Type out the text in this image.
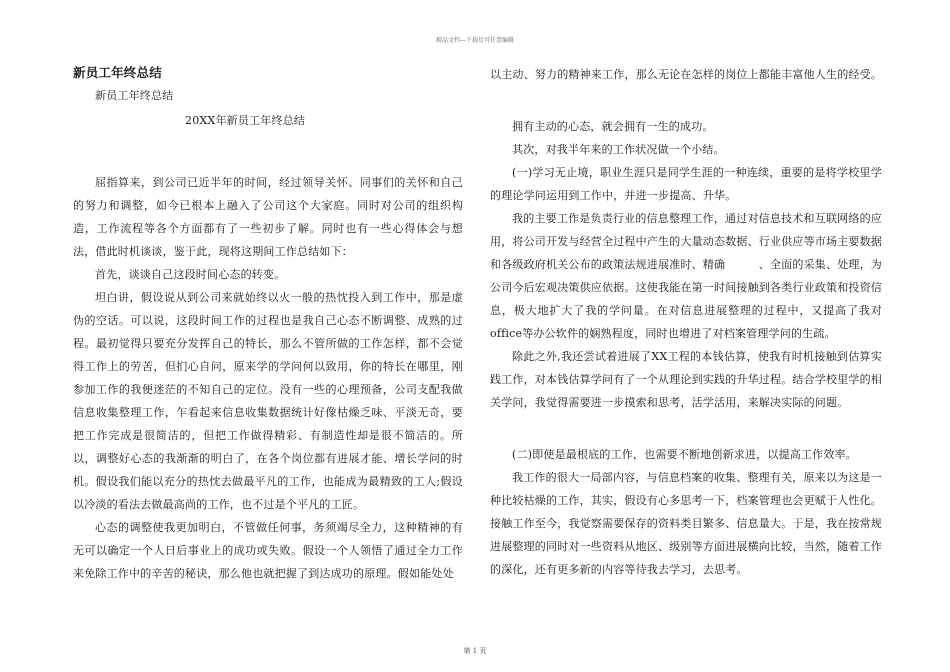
精品文档---下载后可任意编辑

新员工年终总结

新员工年终总结

20XX年新员工年终总结

屈指算来，到公司已近半年的时间，经过领导关怀、同事们的关怀和自己的努力和调整，如今已根本上融入了公司这个大家庭。同时对公司的组织构造，工作流程等各个方面都有了一些初步了解。同时也有一些心得体会与想法，借此时机谈谈，鉴于此，现将这期间工作总结如下：

首先，谈谈自己这段时间心态的转变。

坦白讲，假设说从到公司来就始终以火一般的热忱投入到工作中，那是虚伪的空话。可以说，这段时间工作的过程也是我自己心态不断调整、成熟的过程。最初觉得只要充分发挥自己的特长，那么不管所做的工作怎样，都不会觉得工作上的劳苦，但扪心自问，原来学的学问何以致用，你的特长在哪里，刚参加工作的我便迷茫的不知自己的定位。没有一些的心理预备，公司支配我做信息收集整理工作，乍看起来信息收集数据统计好像枯燥乏味、平淡无奇，要把工作完成是很简洁的，但把工作做得精彩、有制造性却是很不简洁的。所以，调整好心态的我渐渐的明白了，在各个岗位都有进展才能、增长学问的时机。假设我们能以充分的热忱去做最平凡的工作，也能成为最精致的工人;假设以冷淡的看法去做最高尚的工作，也不过是个平凡的工匠。

心态的调整使我更加明白，不管做任何事，务须竭尽全力，这种精神的有无可以确定一个人日后事业上的成功或失败。假设一个人领悟了通过全力工作来免除工作中的辛苦的秘诀，那么他也就把握了到达成功的原理。假如能处处

以主动、努力的精神来工作，那么无论在怎样的岗位上都能丰富他人生的经受。

拥有主动的心态，就会拥有一生的成功。

其次，对我半年来的工作状况做一个小结。

(一)学习无止境，职业生涯只是同学生涯的一种连续，重要的是将学校里学的理论学问运用到工作中，并进一步提高、升华。

我的主要工作是负责行业的信息整理工作，通过对信息技术和互联网络的应用，将公司开发与经营全过程中产生的大量动态数据、行业供应等市场主要数据和各级政府机关公布的政策法规进展准时、精确　　　、全面的采集、处理，为公司今后宏观决策供应依据。这使我能在第一时间接触到各类行业政策和投资信息，极大地扩大了我的学问量。在对信息进展整理的过程中，又提高了我对office等办公软件的娴熟程度，同时也增进了对档案管理学问的生疏。

除此之外,我还尝试着进展了XX工程的本钱估算，使我有时机接触到估算实践工作，对本钱估算学问有了一个从理论到实践的升华过程。结合学校里学的相关学问，我觉得需要进一步摸索和思考，活学活用，来解决实际的问题。

(二)即使是最根底的工作，也需要不断地创新求进，以提高工作效率。

我工作的很大一局部内容，与信息档案的收集、整理有关，原来以为这是一种比较枯燥的工作，其实，假设有心多思考一下，档案管理也会更赋于人性化。接触工作至今，我觉察需要保存的资料类目繁多、信息量大。于是，我在按常规进展整理的同时对一些资料从地区、级别等方面进展横向比较，当然，随着工作的深化，还有更多新的内容等待我去学习，去思考。

第 1 页
